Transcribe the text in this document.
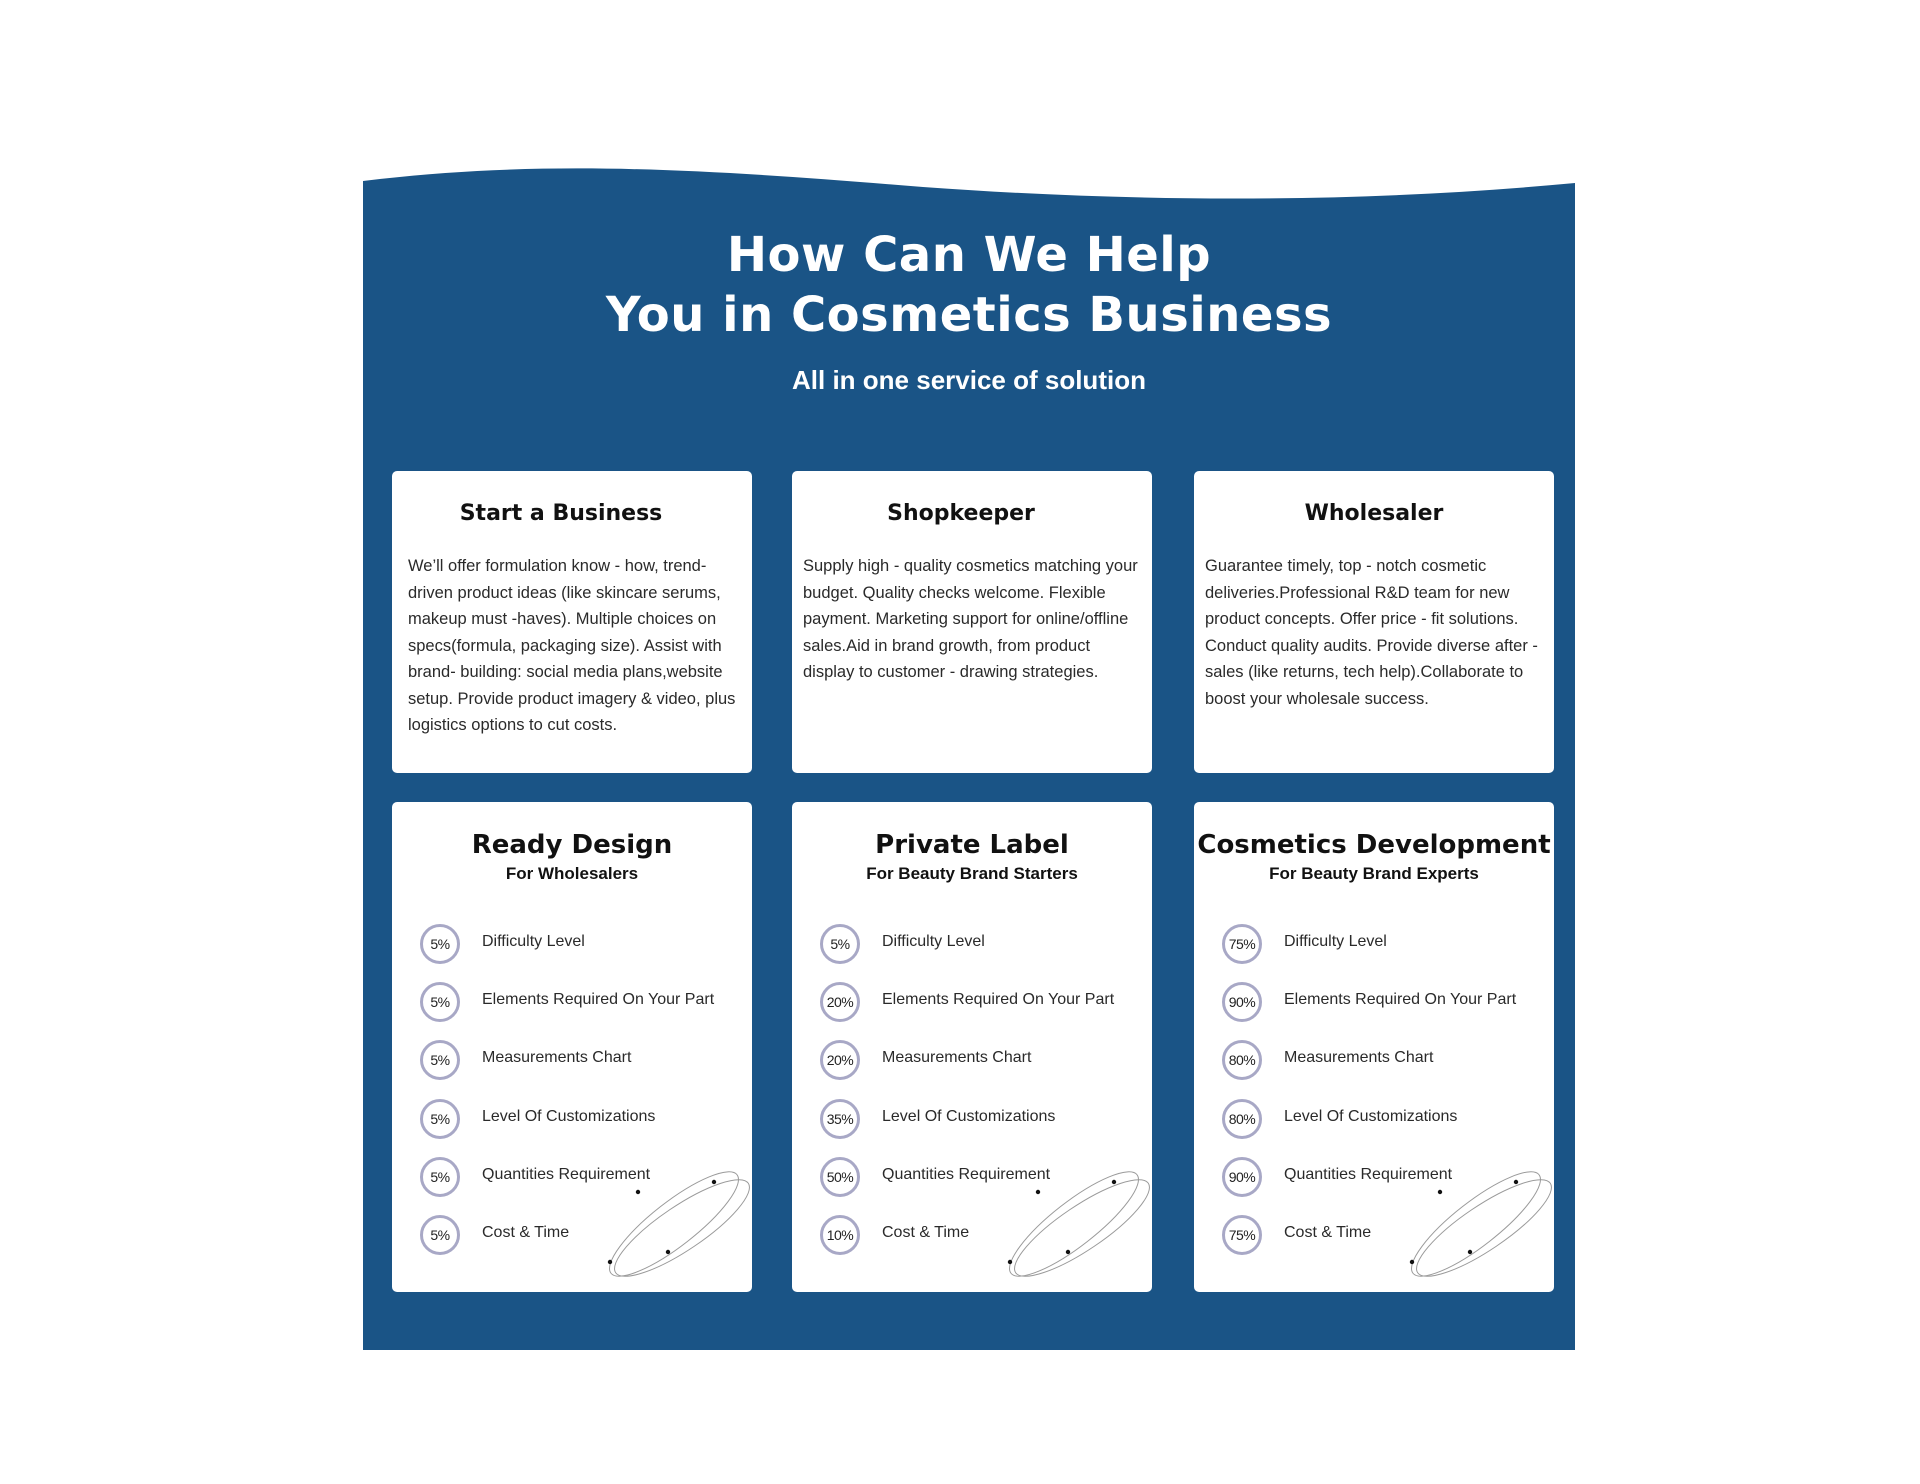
How Can We Help
You in Cosmetics Business
All in one service of solution
Start a Business
We’ll offer formulation know - how, trend-driven product ideas (like skincare serums, makeup must -haves). Multiple choices on specs(formula, packaging size). Assist with brand- building: social media plans,website setup. Provide product imagery & video, plus logistics options to cut costs.
Shopkeeper
Supply high - quality cosmetics matching your budget. Quality checks welcome. Flexible payment. Marketing support for online/offline sales.Aid in brand growth, from product display to customer - drawing strategies.
Wholesaler
Guarantee timely, top - notch cosmetic deliveries.Professional R&D team for new product concepts. Offer price - fit solutions. Conduct quality audits. Provide diverse after - sales (like returns, tech help).Collaborate to boost your wholesale success.
Ready Design
For Wholesalers
5%	Difficulty Level
5%	Elements Required On Your Part
5%	Measurements Chart
5%	Level Of Customizations
5%	Quantities Requirement
5%	Cost & Time
Private Label
For Beauty Brand Starters
5%	Difficulty Level
20%	Elements Required On Your Part
20%	Measurements Chart
35%	Level Of Customizations
50%	Quantities Requirement
10%	Cost & Time
Cosmetics Development
For Beauty Brand Experts
75%	Difficulty Level
90%	Elements Required On Your Part
80%	Measurements Chart
80%	Level Of Customizations
90%	Quantities Requirement
75%	Cost & Time
